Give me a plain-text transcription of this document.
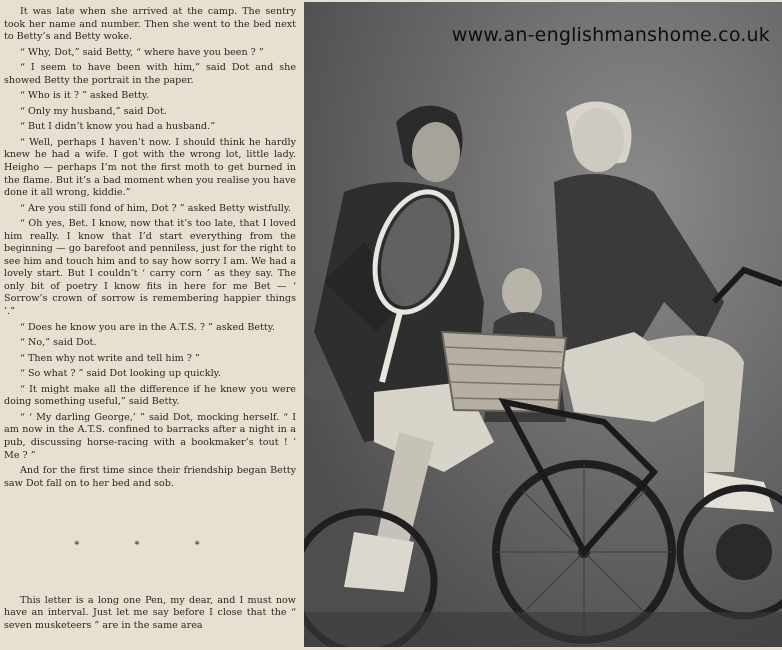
It was late when she arrived at the camp. The sentry took her name and number. Then she went to the bed next to Betty’s and Betty woke.

“ Why, Dot,” said Betty, “ where have you been ? ”

“ I seem to have been with him,” said Dot and she showed Betty the portrait in the paper.

“ Who is it ? ” asked Betty.

“ Only my husband,” said Dot.

“ But I didn’t know you had a husband.”

“ Well, perhaps I haven’t now. I should think he hardly knew he had a wife. I got with the wrong lot, little lady. Heigho — perhaps I’m not the first moth to get burned in the flame. But it’s a bad moment when you realise you have done it all wrong, kiddie.”

“ Are you still fond of him, Dot ? ” asked Betty wistfully.

“ Oh yes, Bet. I know, now that it’s too late, that I loved him really. I know that I’d start everything from the beginning — go barefoot and penniless, just for the right to see him and touch him and to say how sorry I am. We had a lovely start. But I couldn’t ‘ carry corn ’ as they say. The only bit of poetry I know fits in here for me Bet — ‘ Sorrow’s crown of sorrow is remembering happier things ’.”

“ Does he know you are in the A.T.S. ? ” asked Betty.

“ No,” said Dot.

“ Then why not write and tell him ? ”

“ So what ? ” said Dot looking up quickly.

“ It might make all the difference if he knew you were doing something useful,” said Betty.

“ ‘ My darling George,’ ” said Dot, mocking herself. “ I am now in the A.T.S. confined to barracks after a night in a pub, discussing horse-racing with a bookmaker’s tout ! ’ Me ? ”

And for the first time since their friendship began Betty saw Dot fall on to her bed and sob.

* * *

This letter is a long one Pen, my dear, and I must now have an interval. Just let me say before I close that the “ seven musketeers ” are in the same area

www.an-englishmanshome.co.uk
